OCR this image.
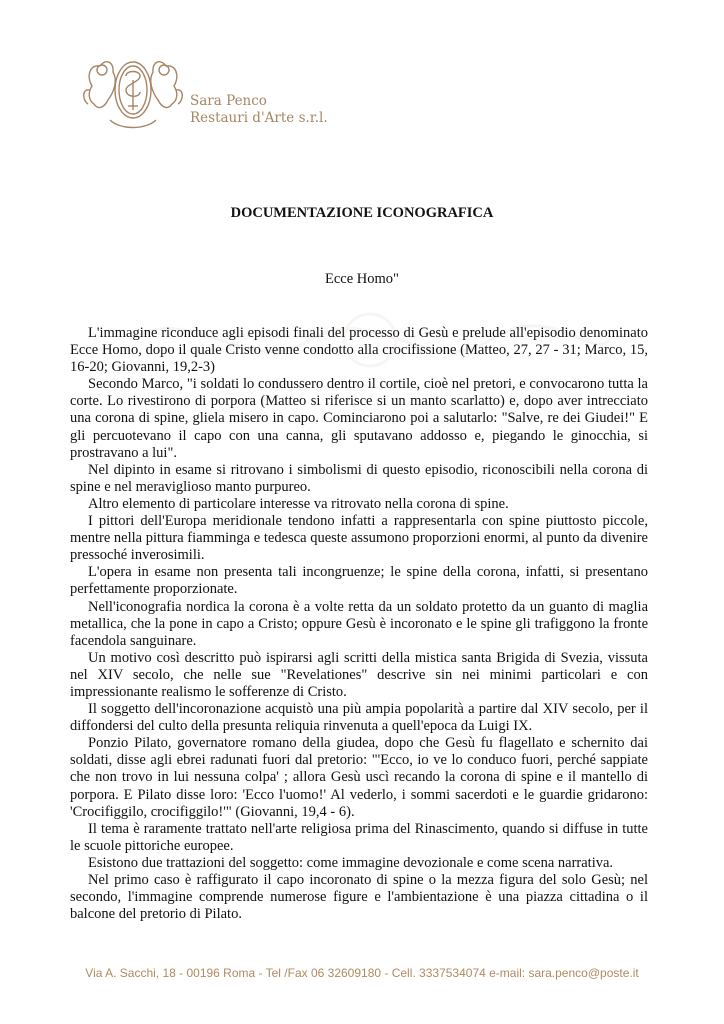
Sara Penco
Restauri d'Arte s.r.l.
DOCUMENTAZIONE ICONOGRAFICA
Ecce Homo"

L'immagine riconduce agli episodi finali del processo di Gesù e prelude all'episodio denominato Ecce Homo, dopo il quale Cristo venne condotto alla crocifissione (Matteo, 27, 27 - 31; Marco, 15, 16-20; Giovanni, 19,2-3)

Secondo Marco, "i soldati lo condussero dentro il cortile, cioè nel pretori, e convocarono tutta la corte. Lo rivestirono di porpora (Matteo si riferisce si un manto scarlatto) e, dopo aver intrecciato una corona di spine, gliela misero in capo. Cominciarono poi a salutarlo: "Salve, re dei Giudei!" E gli percuotevano il capo con una canna, gli sputavano addosso e, piegando le ginocchia, si prostravano a lui".

Nel dipinto in esame si ritrovano i simbolismi di questo episodio, riconoscibili nella corona di spine e nel meraviglioso manto purpureo.

Altro elemento di particolare interesse va ritrovato nella corona di spine.

I pittori dell'Europa meridionale tendono infatti a rappresentarla con spine piuttosto piccole, mentre nella pittura fiamminga e tedesca queste assumono proporzioni enormi, al punto da divenire pressoché inverosimili.

L'opera in esame non presenta tali incongruenze; le spine della corona, infatti, si presentano perfettamente proporzionate.

Nell'iconografia nordica la corona è a volte retta da un soldato protetto da un guanto di maglia metallica, che la pone in capo a Cristo; oppure Gesù è incoronato e le spine gli trafiggono la fronte facendola sanguinare.

Un motivo così descritto può ispirarsi agli scritti della mistica santa Brigida di Svezia, vissuta nel XIV secolo, che nelle sue "Revelationes" descrive sin nei minimi particolari e con impressionante realismo le sofferenze di Cristo.

Il soggetto dell'incoronazione acquistò una più ampia popolarità a partire dal XIV secolo, per il diffondersi del culto della presunta reliquia rinvenuta a quell'epoca da Luigi IX.

Ponzio Pilato, governatore romano della giudea, dopo che Gesù fu flagellato e schernito dai soldati, disse agli ebrei radunati fuori dal pretorio: "'Ecco, io ve lo conduco fuori, perché sappiate che non trovo in lui nessuna colpa' ; allora Gesù uscì recando la corona di spine e il mantello di porpora. E Pilato disse loro: 'Ecco l'uomo!' Al vederlo, i sommi sacerdoti e le guardie gridarono: 'Crocifiggilo, crocifiggilo!'" (Giovanni, 19,4 - 6).

Il tema è raramente trattato nell'arte religiosa prima del Rinascimento, quando si diffuse in tutte le scuole pittoriche europee.

Esistono due trattazioni del soggetto: come immagine devozionale e come scena narrativa.

Nel primo caso è raffigurato il capo incoronato di spine o la mezza figura del solo Gesù; nel secondo, l'immagine comprende numerose figure e l'ambientazione è una piazza cittadina o il balcone del pretorio di Pilato.

Via A. Sacchi, 18 - 00196 Roma - Tel /Fax 06 32609180 - Cell. 3337534074 e-mail: sara.penco@poste.it
